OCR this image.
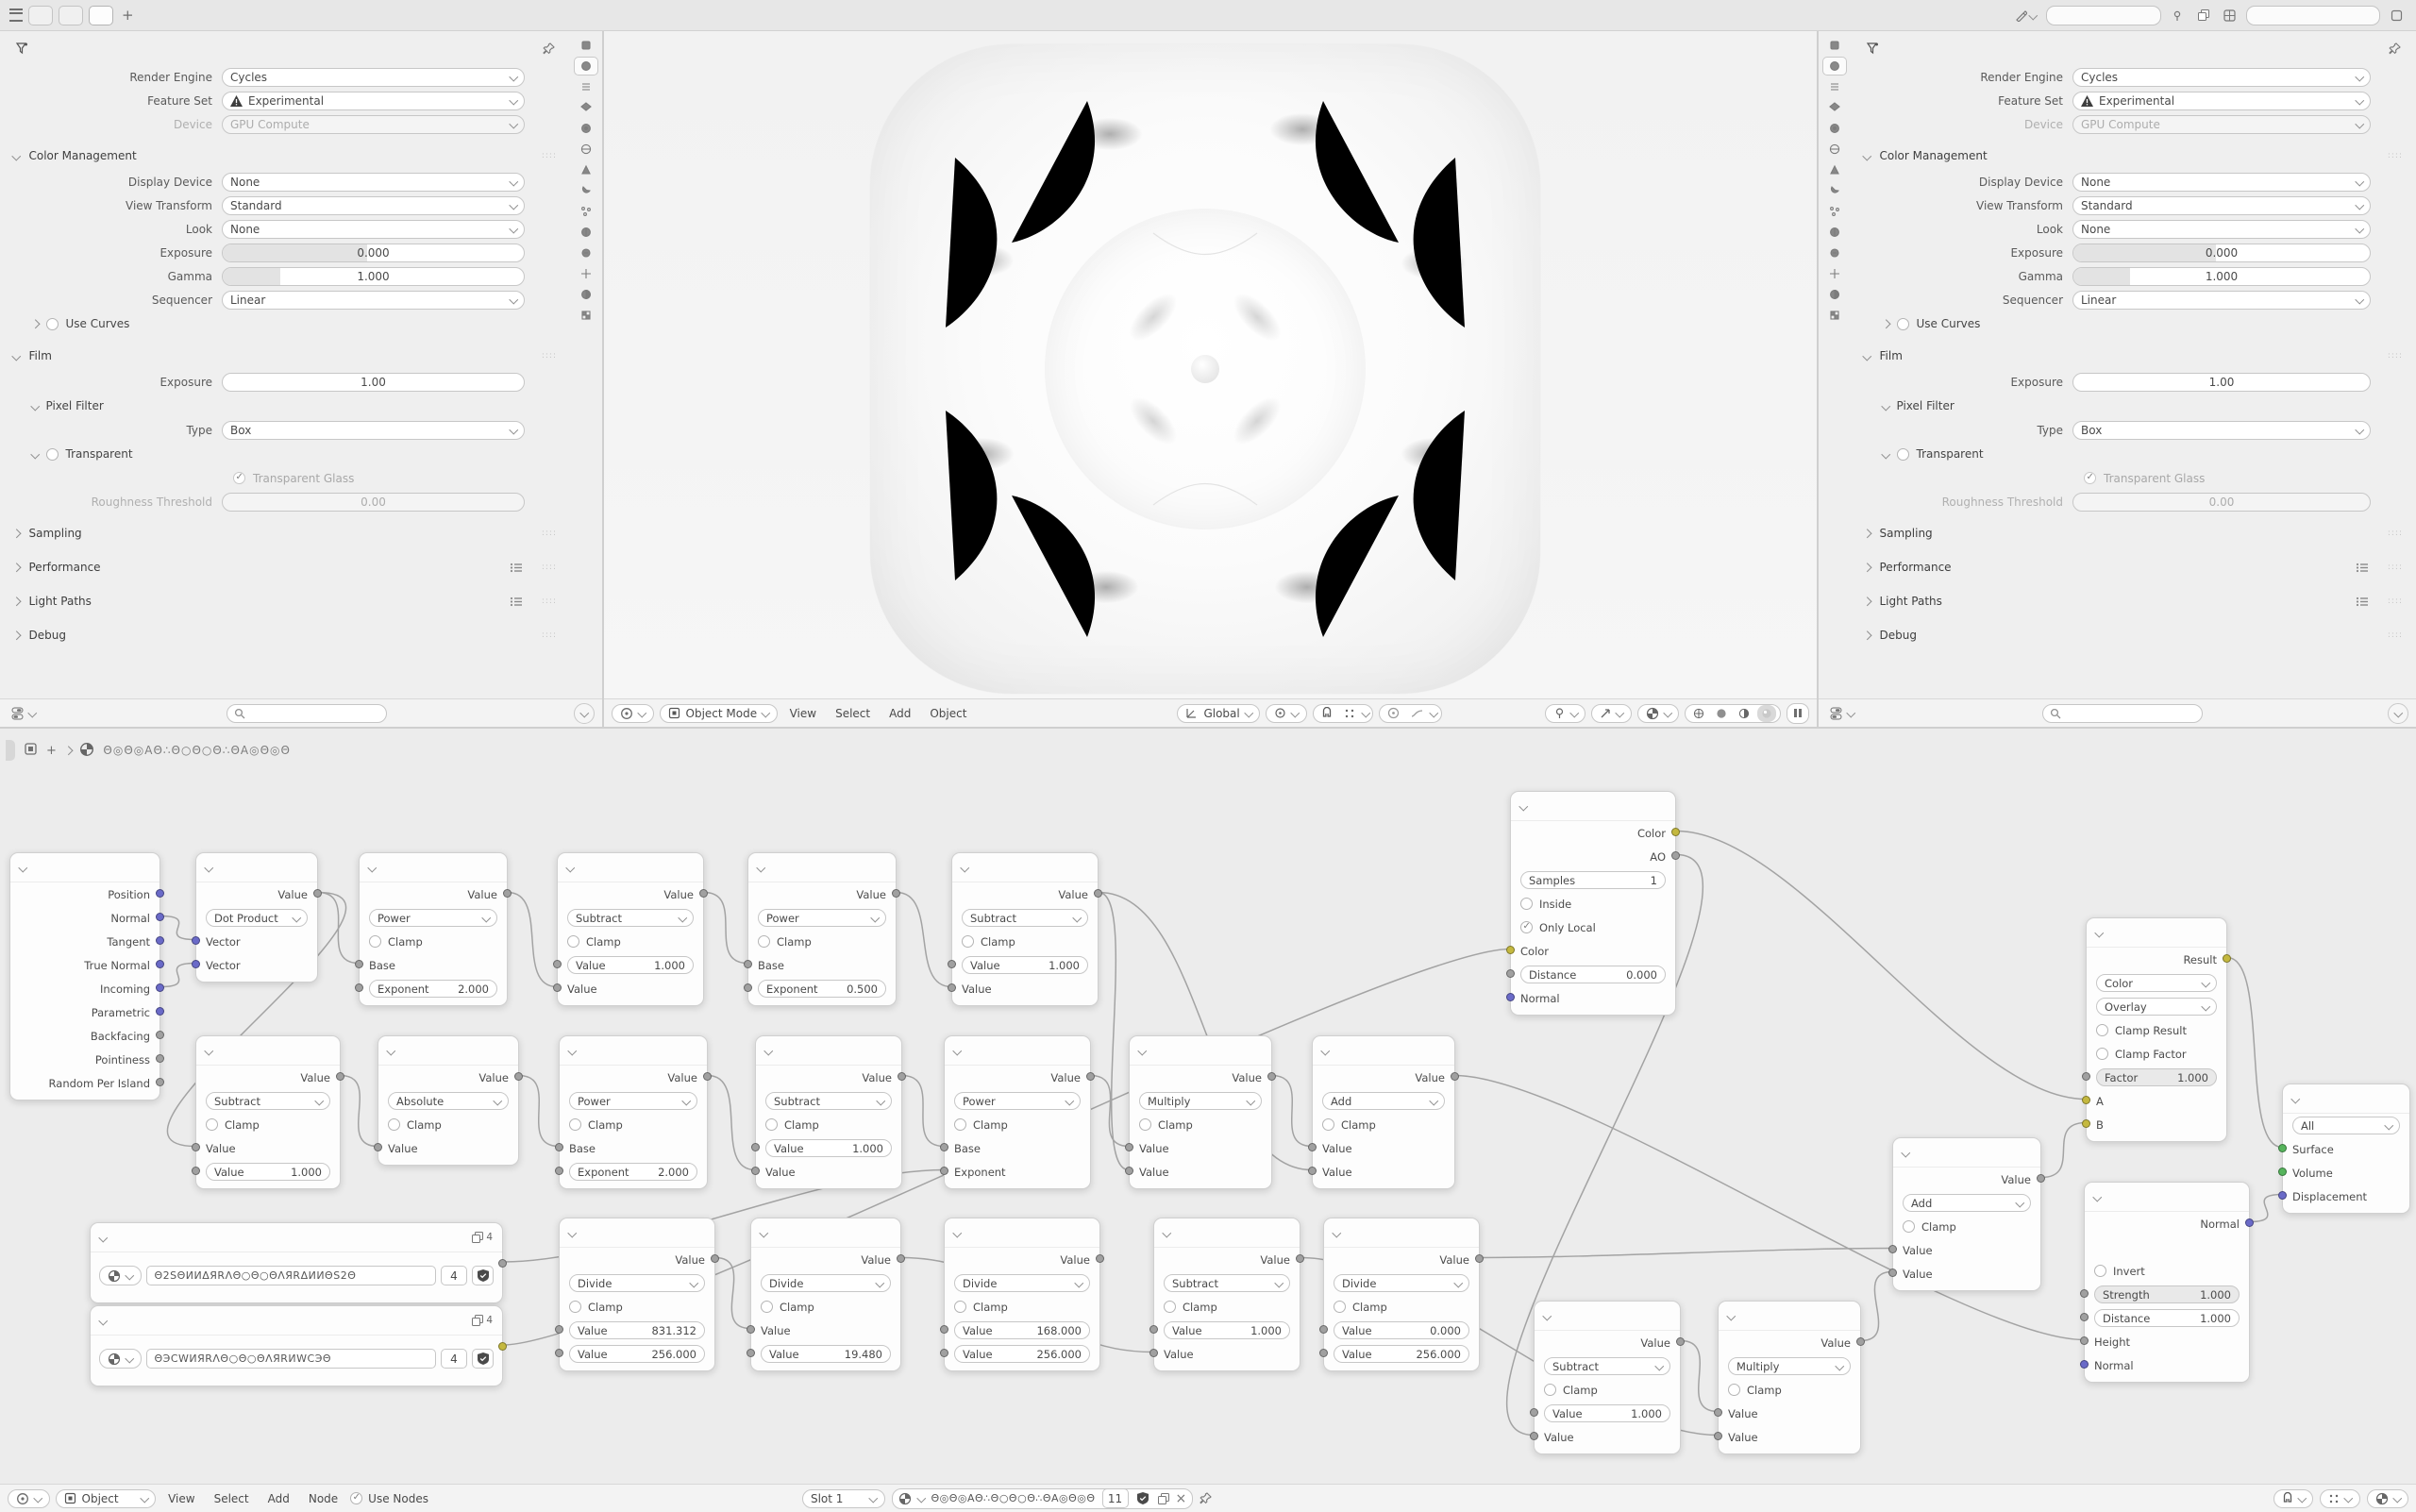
+
Render Engine	Cycles
Feature Set	Experimental
Device	GPU Compute
Color Management	::::
Display Device	None
View Transform	Standard
Look	None
Exposure	0.000
Gamma	1.000
Sequencer	Linear
Use Curves
Film	::::
Exposure	1.00
Pixel Filter
Type	Box
Transparent
✓
Transparent Glass
Roughness Threshold	0.00
Sampling	::::
Performance	::::
Light Paths	::::
Debug	::::
Render Engine	Cycles
Feature Set	Experimental
Device	GPU Compute
Color Management	::::
Display Device	None
View Transform	Standard
Look	None
Exposure	0.000
Gamma	1.000
Sequencer	Linear
Use Curves
Film	::::
Exposure	1.00
Pixel Filter
Type	Box
Transparent
✓
Transparent Glass
Roughness Threshold	0.00
Sampling	::::
Performance	::::
Light Paths	::::
Debug	::::
Object Mode	View	Select	Add	Object	Global
Position
Normal
Tangent
True Normal
Incoming
Parametric
Backfacing
Pointiness
Random Per Island
Value
Dot Product
Vector
Vector
Value
Power
Clamp
Base
Exponent	2.000
Value
Subtract
Clamp
Value	1.000
Value
Value
Power
Clamp
Base
Exponent	0.500
Value
Subtract
Clamp
Value	1.000
Value
Value
Subtract
Clamp
Value
Value	1.000
Value
Absolute
Clamp
Value
Value
Power
Clamp
Base
Exponent	2.000
Value
Subtract
Clamp
Value	1.000
Value
Value
Power
Clamp
Base
Exponent
Value
Multiply
Clamp
Value
Value
Value
Add
Clamp
Value
Value
4
Θ2SΘИИΔЯRΛΘ○Θ○ΘΛЯRΔИИΘS2Θ	4
4
ΘЭСWИЯRΛΘ○Θ○ΘΛЯRИWСЭΘ	4
Value
Divide
Clamp
Value	831.312
Value	256.000
Value
Divide
Clamp
Value
Value	19.480
Value
Divide
Clamp
Value	168.000
Value	256.000
Value
Subtract
Clamp
Value	1.000
Value
Value
Divide
Clamp
Value	0.000
Value	256.000
Color
AO
Samples	1
Inside
✓
Only Local
Color
Distance	0.000
Normal
Value
Subtract
Clamp
Value	1.000
Value
Value
Multiply
Clamp
Value
Value
Value
Add
Clamp
Value
Value
Result
Color
Overlay
Clamp Result
Clamp Factor
Factor	1.000
A
B
Normal
Invert
Strength	1.000
Distance	1.000
Height
Normal
All
Surface
Volume
Displacement
+	Θ◎Θ◎AΘ∴Θ○Θ○Θ∴ΘA◎Θ◎Θ
Object	View	Select	Add	Node ✓	Use Nodes	Slot 1	Θ◎Θ◎AΘ∴Θ○Θ○Θ∴ΘA◎Θ◎Θ	11	×
